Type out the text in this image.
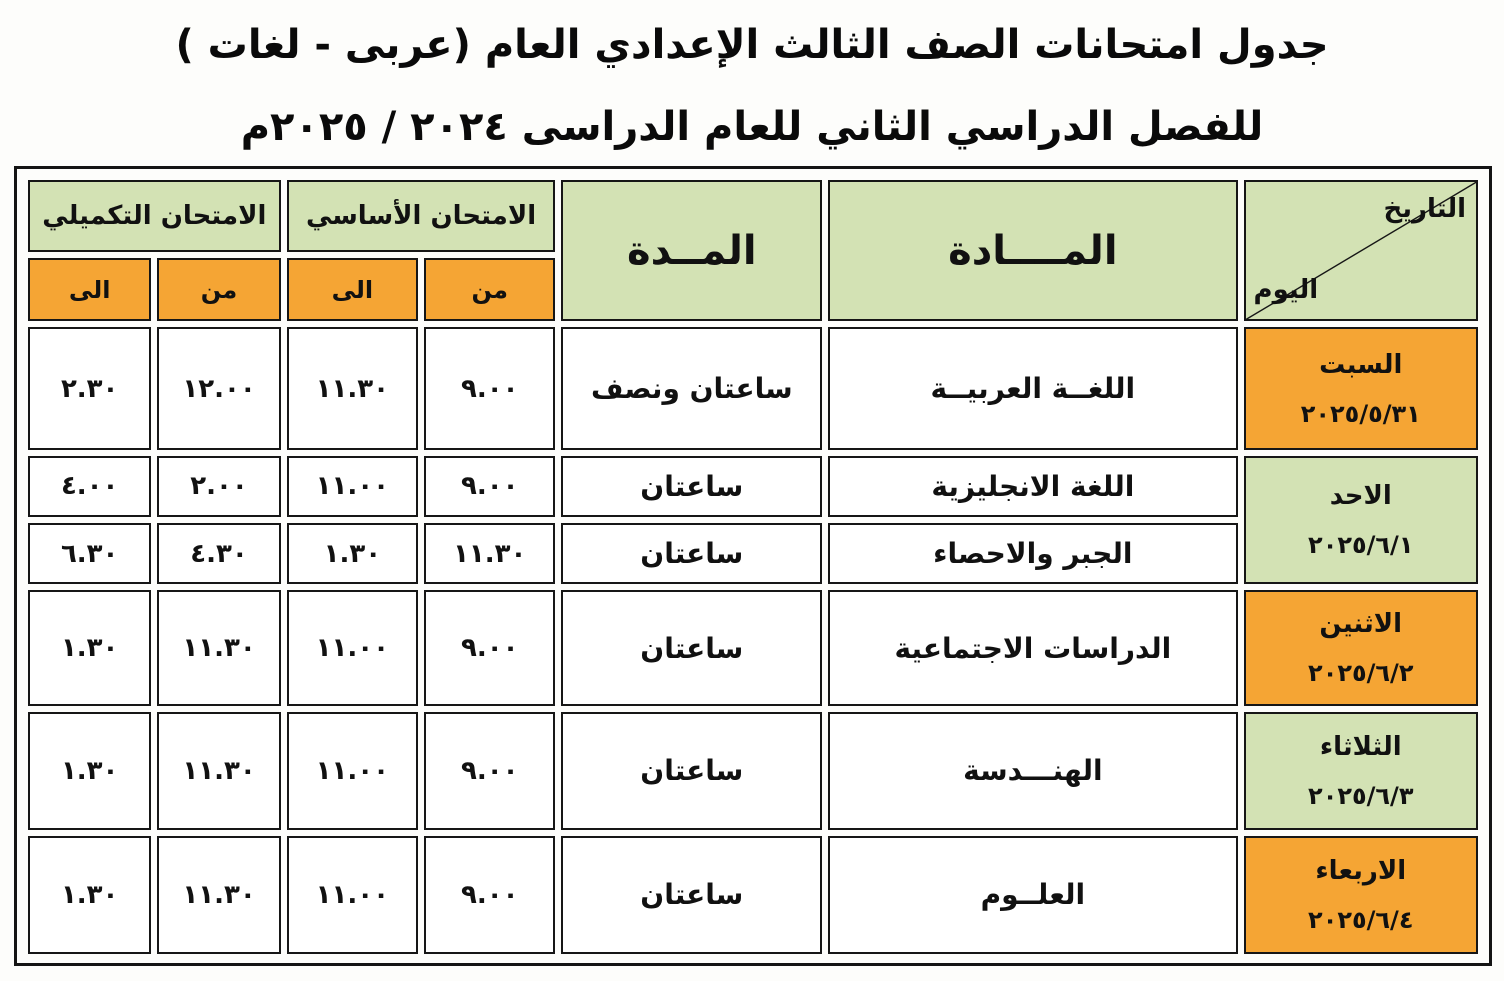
جدول امتحانات الصف الثالث الإعدادي العام (عربى - لغات )
للفصل الدراسي الثاني للعام الدراسى ٢٠٢٤ / ٢٠٢٥م
التاريخ
اليوم	المــــادة	المــدة	الامتحان الأساسي		الامتحان التكميلي	
			من	الى	من	الى

السبت
٢٠٢٥/٥/٣١	اللغــة العربيــة	ساعتان ونصف	٩.٠٠	١١.٣٠	١٢.٠٠	٢.٣٠

الاحد
٢٠٢٥/٦/١	اللغة الانجليزية	ساعتان	٩.٠٠	١١.٠٠	٢.٠٠	٤.٠٠
	الجبر والاحصاء	ساعتان	١١.٣٠	١.٣٠	٤.٣٠	٦.٣٠

الاثنين
٢٠٢٥/٦/٢	الدراسات الاجتماعية	ساعتان	٩.٠٠	١١.٠٠	١١.٣٠	١.٣٠

الثلاثاء
٢٠٢٥/٦/٣	الهنـــدسة	ساعتان	٩.٠٠	١١.٠٠	١١.٣٠	١.٣٠

الاربعاء
٢٠٢٥/٦/٤	العلــوم	ساعتان	٩.٠٠	١١.٠٠	١١.٣٠	١.٣٠
